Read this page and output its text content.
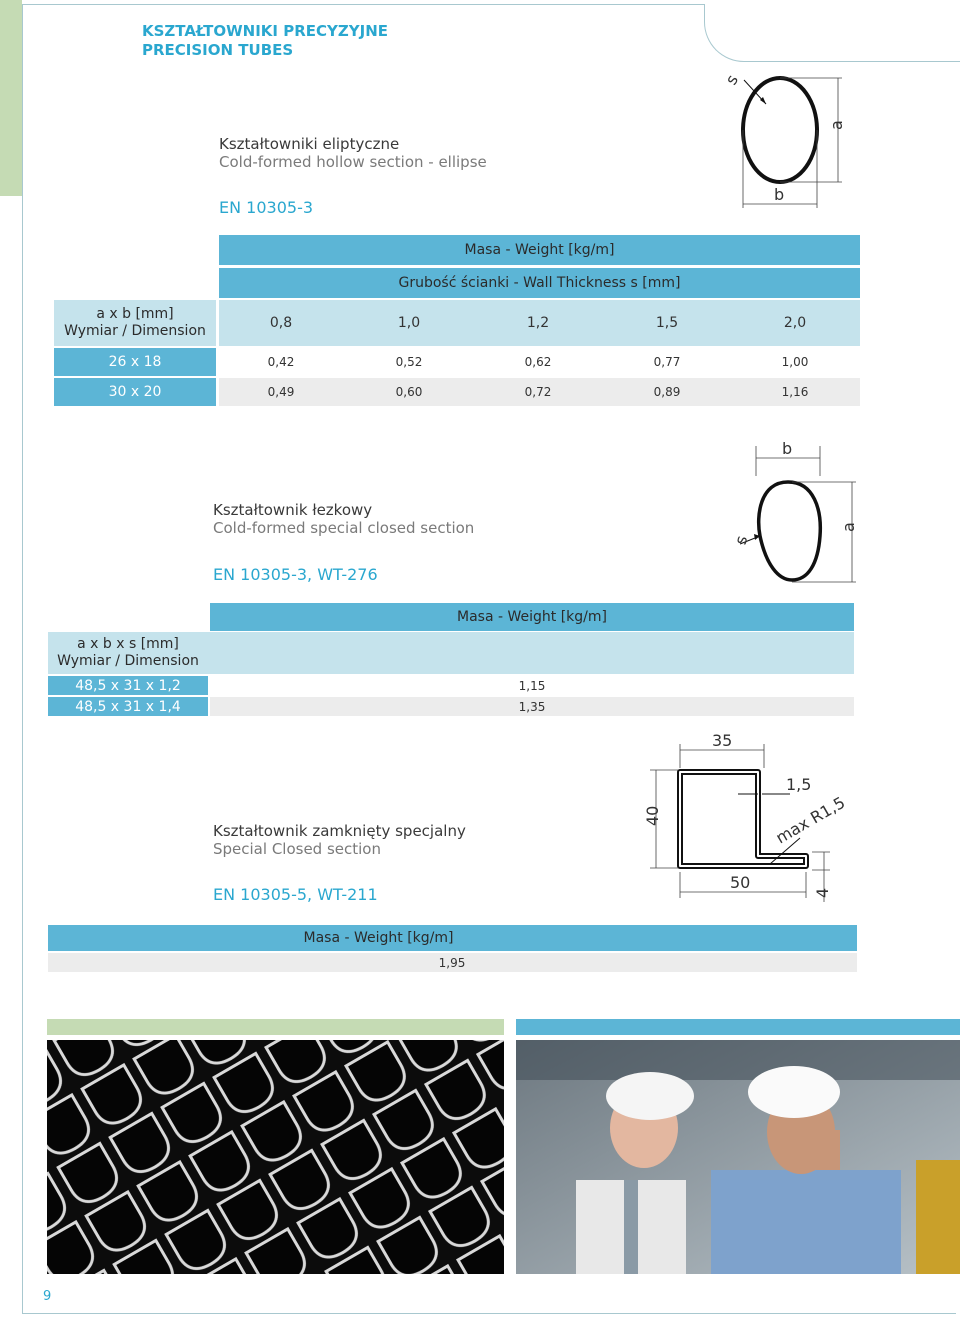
KSZTAŁTOWNIKI PRECYZYJNE
PRECISION TUBES
Kształtowniki eliptyczne
Cold-formed hollow section - ellipse
EN 10305-3
s
a
b
Masa - Weight [kg/m]
Grubość ścianki - Wall Thickness s [mm]
a x b [mm]
Wymiar / Dimension	0,8	1,0	1,2	1,5	2,0
26 x 18	0,42	0,52	0,62	0,77	1,00
30 x 20	0,49	0,60	0,72	0,89	1,16
Kształtownik łezkowy
Cold-formed special closed section
EN 10305-3, WT-276
b
s
a
Masa - Weight [kg/m]
a x b x s [mm]
Wymiar / Dimension
48,5 x 31 x 1,2	1,15
48,5 x 31 x 1,4	1,35
Kształtownik zamknięty specjalny
Special Closed section
EN 10305-5, WT-211
35
1,5
40	max R1,5
50
4
Masa - Weight [kg/m]
1,95
9
